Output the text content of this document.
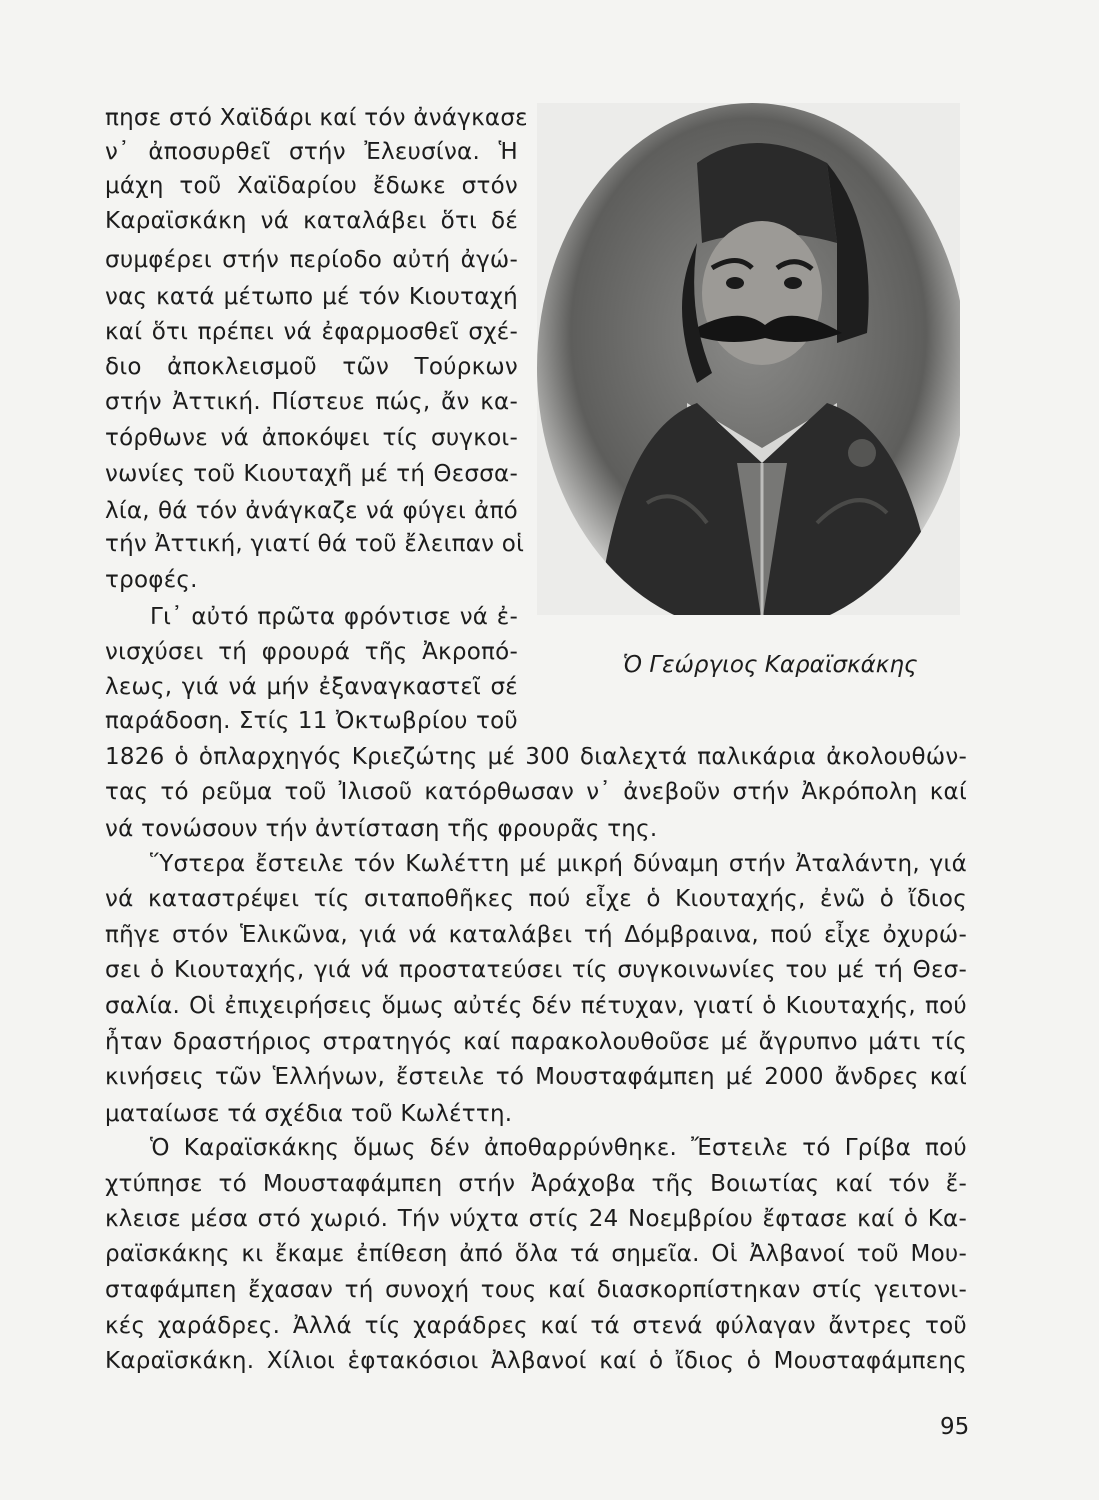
Ὁ Γεώργιος Καραϊσκάκης
πησε στό Χαϊδάρι καί τόν ἀνάγκασε
ν᾿ ἀποσυρθεῖ στήν Ἐλευσίνα. Ἡ
μάχη τοῦ Χαϊδαρίου ἔδωκε στόν
Καραϊσκάκη νά καταλάβει ὅτι δέ
συμφέρει στήν περίοδο αὐτή ἀγώ-
νας κατά μέτωπο μέ τόν Κιουταχή
καί ὅτι πρέπει νά ἐφαρμοσθεῖ σχέ-
διο ἀποκλεισμοῦ τῶν Τούρκων
στήν Ἀττική. Πίστευε πώς, ἄν κα-
τόρθωνε νά ἀποκόψει τίς συγκοι-
νωνίες τοῦ Κιουταχῆ μέ τή Θεσσα-
λία, θά τόν ἀνάγκαζε νά φύγει ἀπό
τήν Ἀττική, γιατί θά τοῦ ἔλειπαν οἱ
τροφές.
Γι᾿ αὐτό πρῶτα φρόντισε νά ἐ-
νισχύσει τή φρουρά τῆς Ἀκροπό-
λεως, γιά νά μήν ἐξαναγκαστεῖ σέ
παράδοση. Στίς 11 Ὀκτωβρίου τοῦ
1826 ὁ ὁπλαρχηγός Κριεζώτης μέ 300 διαλεχτά παλικάρια ἀκολουθών-
τας τό ρεῦμα τοῦ Ἰλισοῦ κατόρθωσαν ν᾿ ἀνεβοῦν στήν Ἀκρόπολη καί
νά τονώσουν τήν ἀντίσταση τῆς φρουρᾶς της.
Ὕστερα ἔστειλε τόν Κωλέττη μέ μικρή δύναμη στήν Ἀταλάντη, γιά
νά καταστρέψει τίς σιταποθῆκες πού εἶχε ὁ Κιουταχής, ἐνῶ ὁ ἴδιος
πῆγε στόν Ἑλικῶνα, γιά νά καταλάβει τή Δόμβραινα, πού εἶχε ὀχυρώ-
σει ὁ Κιουταχής, γιά νά προστατεύσει τίς συγκοινωνίες του μέ τή Θεσ-
σαλία. Οἱ ἐπιχειρήσεις ὅμως αὐτές δέν πέτυχαν, γιατί ὁ Κιουταχής, πού
ἦταν δραστήριος στρατηγός καί παρακολουθοῦσε μέ ἄγρυπνο μάτι τίς
κινήσεις τῶν Ἑλλήνων, ἔστειλε τό Μουσταφάμπεη μέ 2000 ἄνδρες καί
ματαίωσε τά σχέδια τοῦ Κωλέττη.
Ὁ Καραϊσκάκης ὅμως δέν ἀποθαρρύνθηκε. Ἔστειλε τό Γρίβα πού
χτύπησε τό Μουσταφάμπεη στήν Ἀράχοβα τῆς Βοιωτίας καί τόν ἔ-
κλεισε μέσα στό χωριό. Τήν νύχτα στίς 24 Νοεμβρίου ἔφτασε καί ὁ Κα-
ραϊσκάκης κι ἔκαμε ἐπίθεση ἀπό ὅλα τά σημεῖα. Οἱ Ἀλβανοί τοῦ Μου-
σταφάμπεη ἔχασαν τή συνοχή τους καί διασκορπίστηκαν στίς γειτονι-
κές χαράδρες. Ἀλλά τίς χαράδρες καί τά στενά φύλαγαν ἄντρες τοῦ
Καραϊσκάκη. Χίλιοι ἑφτακόσιοι Ἀλβανοί καί ὁ ἴδιος ὁ Μουσταφάμπεης
95
